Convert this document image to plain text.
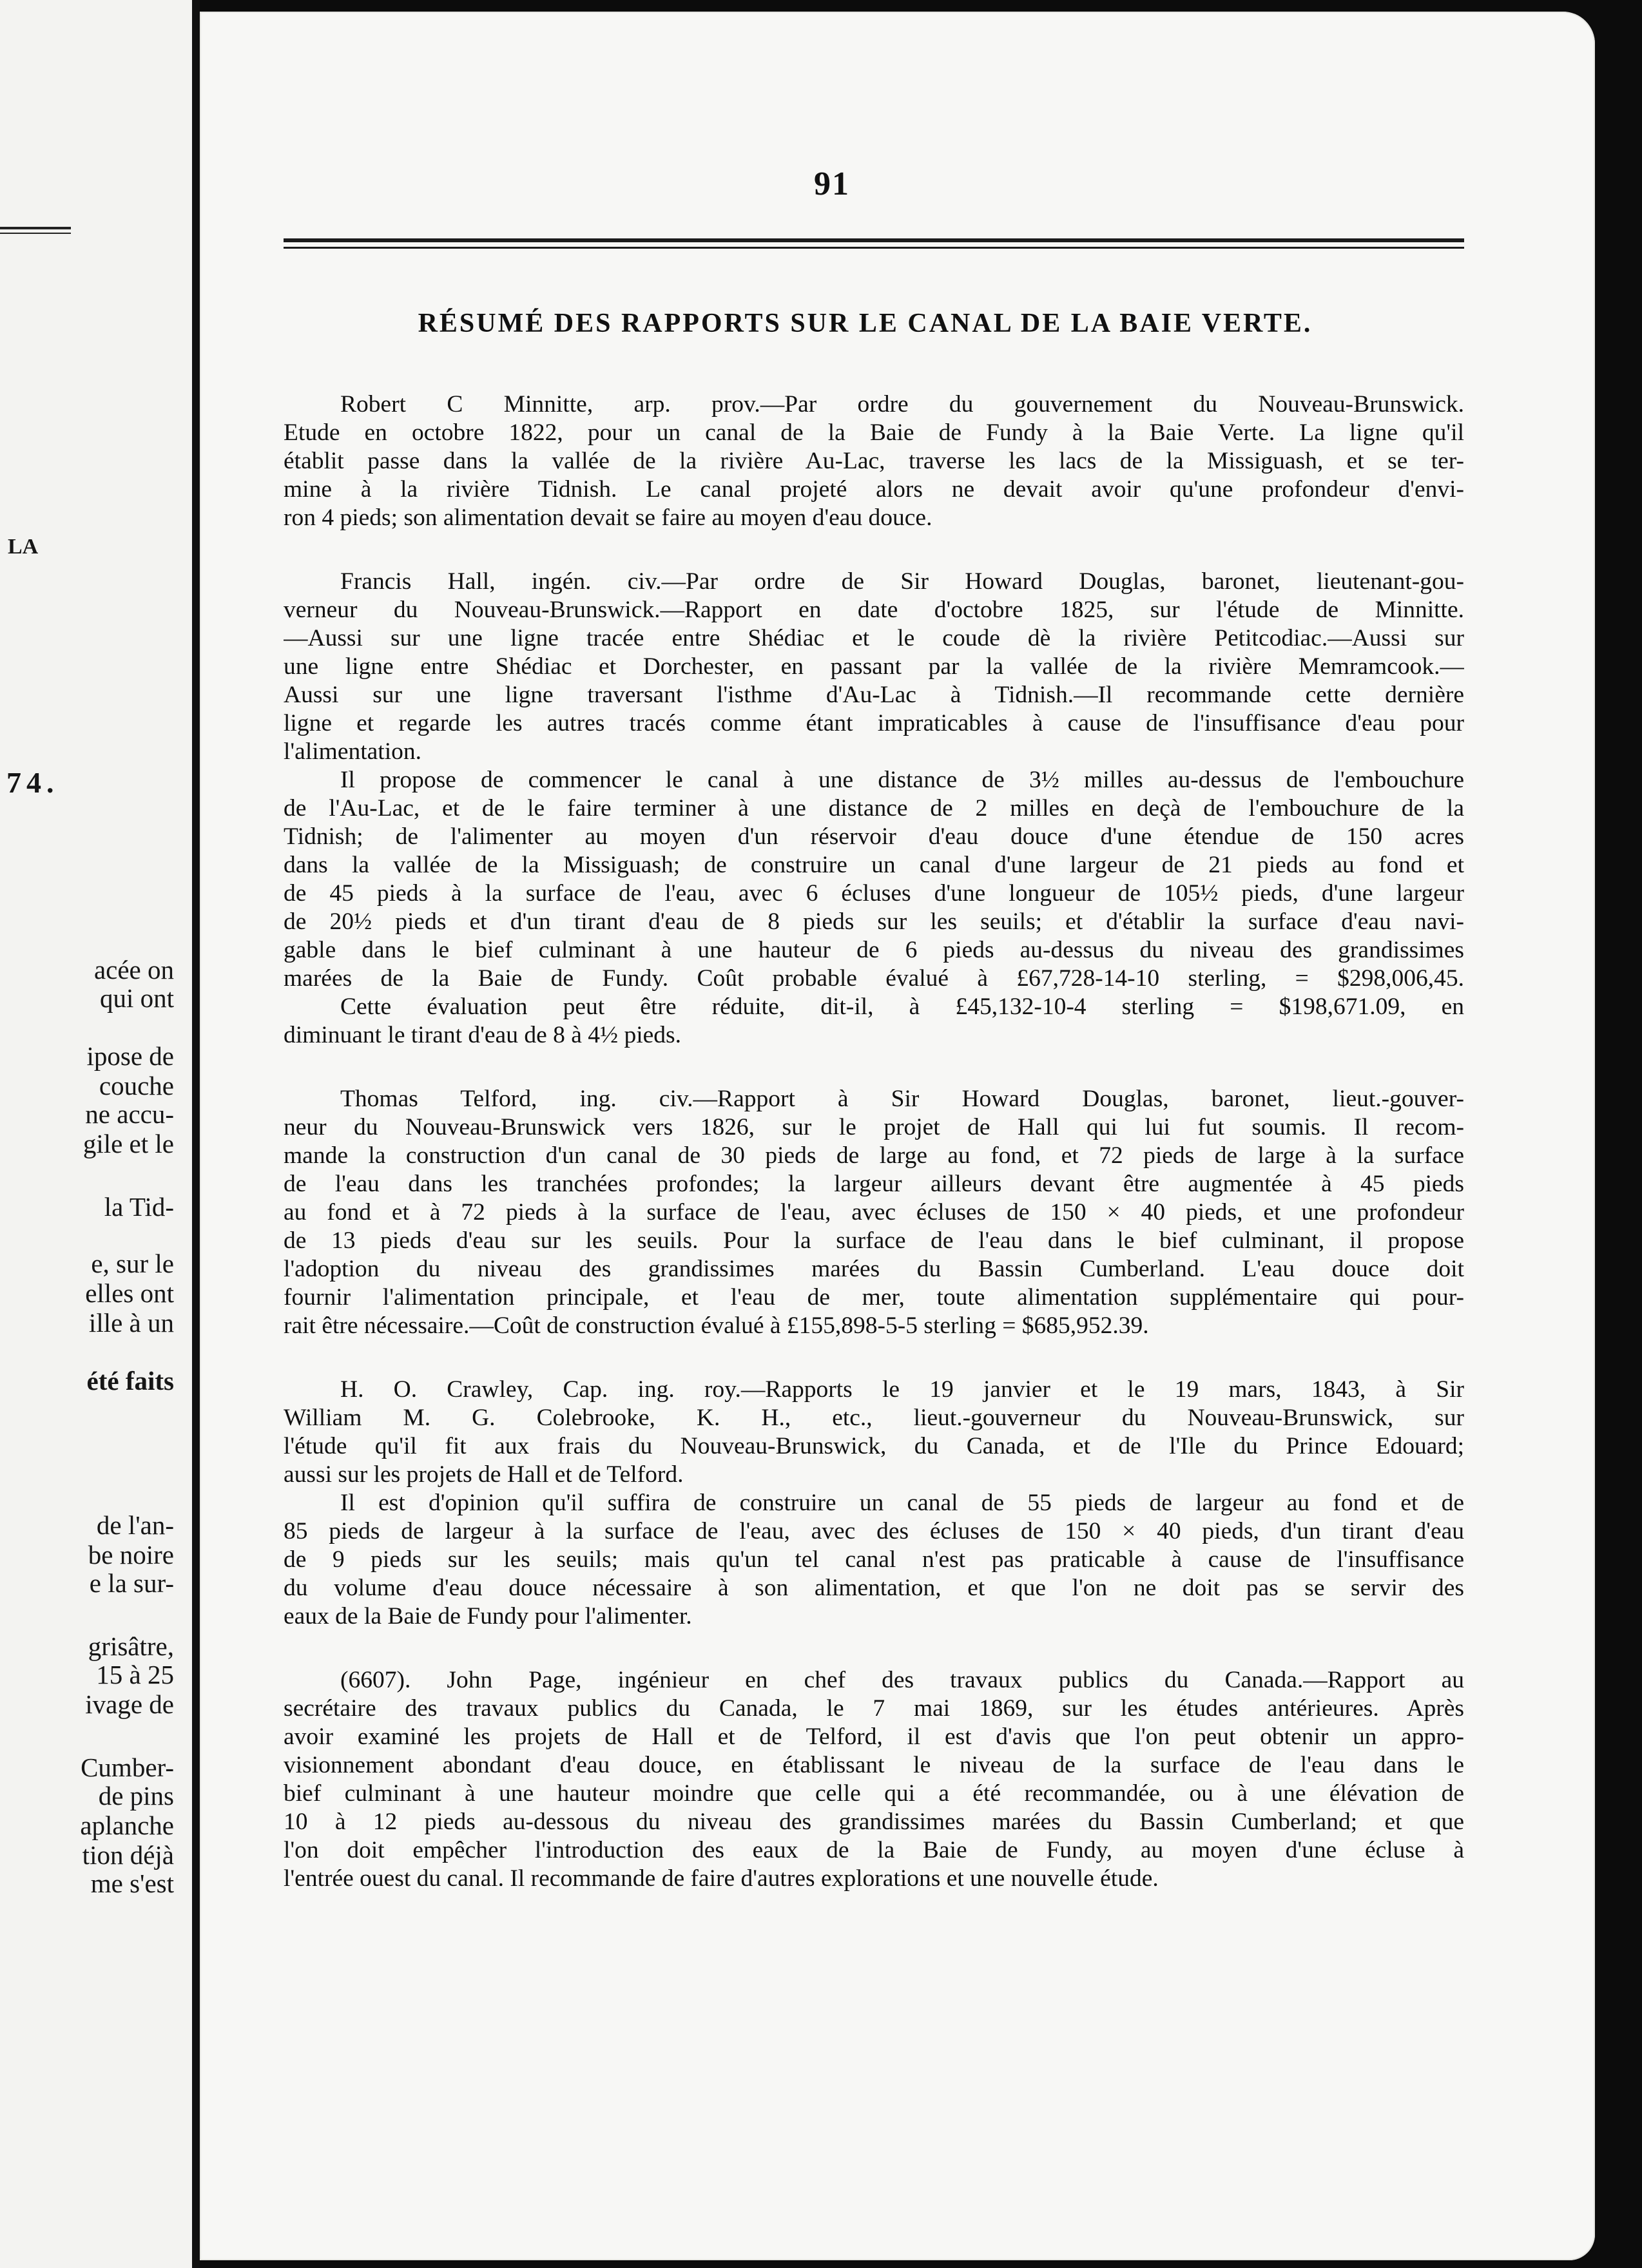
LA
74.
acée on
qui ont
ipose de
couche
ne accu-
gile et le
la Tid-
e, sur le
elles ont
ille à un
été faits
de l'an-
be noire
e la sur-
grisâtre,
15 à 25
ivage de
Cumber-
de pins
aplanche
tion déjà
me s'est
91
RÉSUMÉ DES RAPPORTS SUR LE CANAL DE LA BAIE VERTE.
Robert C Minnitte, arp. prov.—Par ordre du gouvernement du Nouveau-Brunswick.
Etude en octobre 1822, pour un canal de la Baie de Fundy à la Baie Verte. La ligne qu'il
établit passe dans la vallée de la rivière Au-Lac, traverse les lacs de la Missiguash, et se ter-
mine à la rivière Tidnish. Le canal projeté alors ne devait avoir qu'une profondeur d'envi-
ron 4 pieds; son alimentation devait se faire au moyen d'eau douce.
Francis Hall, ingén. civ.—Par ordre de Sir Howard Douglas, baronet, lieutenant-gou-
verneur du Nouveau-Brunswick.—Rapport en date d'octobre 1825, sur l'étude de Minnitte.
—Aussi sur une ligne tracée entre Shédiac et le coude dè la rivière Petitcodiac.—Aussi sur
une ligne entre Shédiac et Dorchester, en passant par la vallée de la rivière Memramcook.—
Aussi sur une ligne traversant l'isthme d'Au-Lac à Tidnish.—Il recommande cette dernière
ligne et regarde les autres tracés comme étant impraticables à cause de l'insuffisance d'eau pour
l'alimentation.
Il propose de commencer le canal à une distance de 3½ milles au-dessus de l'embouchure
de l'Au-Lac, et de le faire terminer à une distance de 2 milles en deçà de l'embouchure de la
Tidnish; de l'alimenter au moyen d'un réservoir d'eau douce d'une étendue de 150 acres
dans la vallée de la Missiguash; de construire un canal d'une largeur de 21 pieds au fond et
de 45 pieds à la surface de l'eau, avec 6 écluses d'une longueur de 105½ pieds, d'une largeur
de 20½ pieds et d'un tirant d'eau de 8 pieds sur les seuils; et d'établir la surface d'eau navi-
gable dans le bief culminant à une hauteur de 6 pieds au-dessus du niveau des grandissimes
marées de la Baie de Fundy. Coût probable évalué à £67,728-14-10 sterling, = $298,006,45.
Cette évaluation peut être réduite, dit-il, à £45,132-10-4 sterling = $198,671.09, en
diminuant le tirant d'eau de 8 à 4½ pieds.
Thomas Telford, ing. civ.—Rapport à Sir Howard Douglas, baronet, lieut.-gouver-
neur du Nouveau-Brunswick vers 1826, sur le projet de Hall qui lui fut soumis. Il recom-
mande la construction d'un canal de 30 pieds de large au fond, et 72 pieds de large à la surface
de l'eau dans les tranchées profondes; la largeur ailleurs devant être augmentée à 45 pieds
au fond et à 72 pieds à la surface de l'eau, avec écluses de 150 × 40 pieds, et une profondeur
de 13 pieds d'eau sur les seuils. Pour la surface de l'eau dans le bief culminant, il propose
l'adoption du niveau des grandissimes marées du Bassin Cumberland. L'eau douce doit
fournir l'alimentation principale, et l'eau de mer, toute alimentation supplémentaire qui pour-
rait être nécessaire.—Coût de construction évalué à £155,898-5-5 sterling = $685,952.39.
H. O. Crawley, Cap. ing. roy.—Rapports le 19 janvier et le 19 mars, 1843, à Sir
William M. G. Colebrooke, K. H., etc., lieut.-gouverneur du Nouveau-Brunswick, sur
l'étude qu'il fit aux frais du Nouveau-Brunswick, du Canada, et de l'Ile du Prince Edouard;
aussi sur les projets de Hall et de Telford.
Il est d'opinion qu'il suffira de construire un canal de 55 pieds de largeur au fond et de
85 pieds de largeur à la surface de l'eau, avec des écluses de 150 × 40 pieds, d'un tirant d'eau
de 9 pieds sur les seuils; mais qu'un tel canal n'est pas praticable à cause de l'insuffisance
du volume d'eau douce nécessaire à son alimentation, et que l'on ne doit pas se servir des
eaux de la Baie de Fundy pour l'alimenter.
(6607). John Page, ingénieur en chef des travaux publics du Canada.—Rapport au
secrétaire des travaux publics du Canada, le 7 mai 1869, sur les études antérieures. Après
avoir examiné les projets de Hall et de Telford, il est d'avis que l'on peut obtenir un appro-
visionnement abondant d'eau douce, en établissant le niveau de la surface de l'eau dans le
bief culminant à une hauteur moindre que celle qui a été recommandée, ou à une élévation de
10 à 12 pieds au-dessous du niveau des grandissimes marées du Bassin Cumberland; et que
l'on doit empêcher l'introduction des eaux de la Baie de Fundy, au moyen d'une écluse à
l'entrée ouest du canal. Il recommande de faire d'autres explorations et une nouvelle étude.
